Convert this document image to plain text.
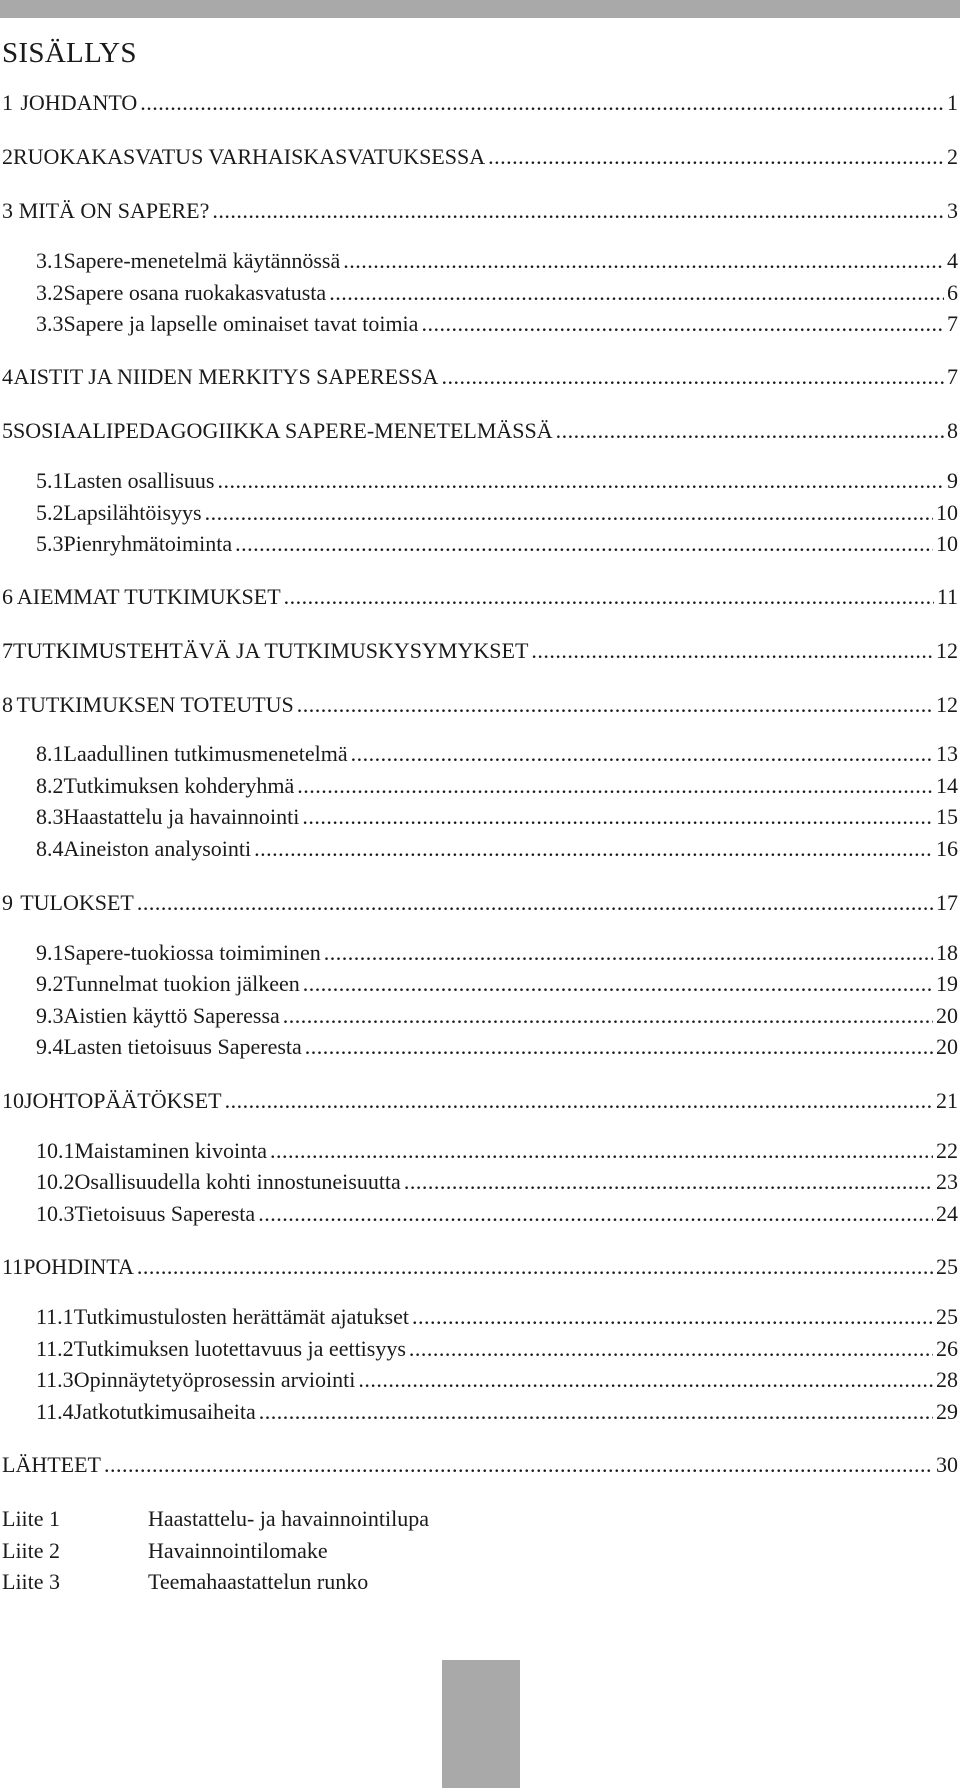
SISÄLLYS
1 JOHDANTO .....	1
2 RUOKAKASVATUS VARHAISKASVATUKSESSA .....	2
3 MITÄ ON SAPERE? .....	3
3.1 Sapere-menetelmä käytännössä .....	4
3.2 Sapere osana ruokakasvatusta .....	6
3.3 Sapere ja lapselle ominaiset tavat toimia .....	7
4 AISTIT JA NIIDEN MERKITYS SAPERESSA .....	7
5 SOSIAALIPEDAGOGIIKKA SAPERE-MENETELMÄSSÄ .....	8
5.1 Lasten osallisuus .....	9
5.2 Lapsilähtöisyys .....	10
5.3 Pienryhmätoiminta .....	10
6 AIEMMAT TUTKIMUKSET .....	11
7 TUTKIMUSTEHTÄVÄ JA TUTKIMUSKYSYMYKSET .....	12
8 TUTKIMUKSEN TOTEUTUS .....	12
8.1 Laadullinen tutkimusmenetelmä .....	13
8.2 Tutkimuksen kohderyhmä .....	14
8.3 Haastattelu ja havainnointi .....	15
8.4 Aineiston analysointi .....	16
9 TULOKSET .....	17
9.1 Sapere-tuokiossa toimiminen .....	18
9.2 Tunnelmat tuokion jälkeen .....	19
9.3 Aistien käyttö Saperessa .....	20
9.4 Lasten tietoisuus Saperesta .....	20
10 JOHTOPÄÄTÖKSET .....	21
10.1 Maistaminen kivointa .....	22
10.2 Osallisuudella kohti innostuneisuutta .....	23
10.3 Tietoisuus Saperesta .....	24
11 POHDINTA .....	25
11.1 Tutkimustulosten herättämät ajatukset .....	25
11.2 Tutkimuksen luotettavuus ja eettisyys .....	26
11.3 Opinnäytetyöprosessin arviointi .....	28
11.4 Jatkotutkimusaiheita .....	29
LÄHTEET .....	30
Liite 1	Haastattelu- ja havainnointilupa
Liite 2	Havainnointilomake
Liite 3	Teemahaastattelun runko
